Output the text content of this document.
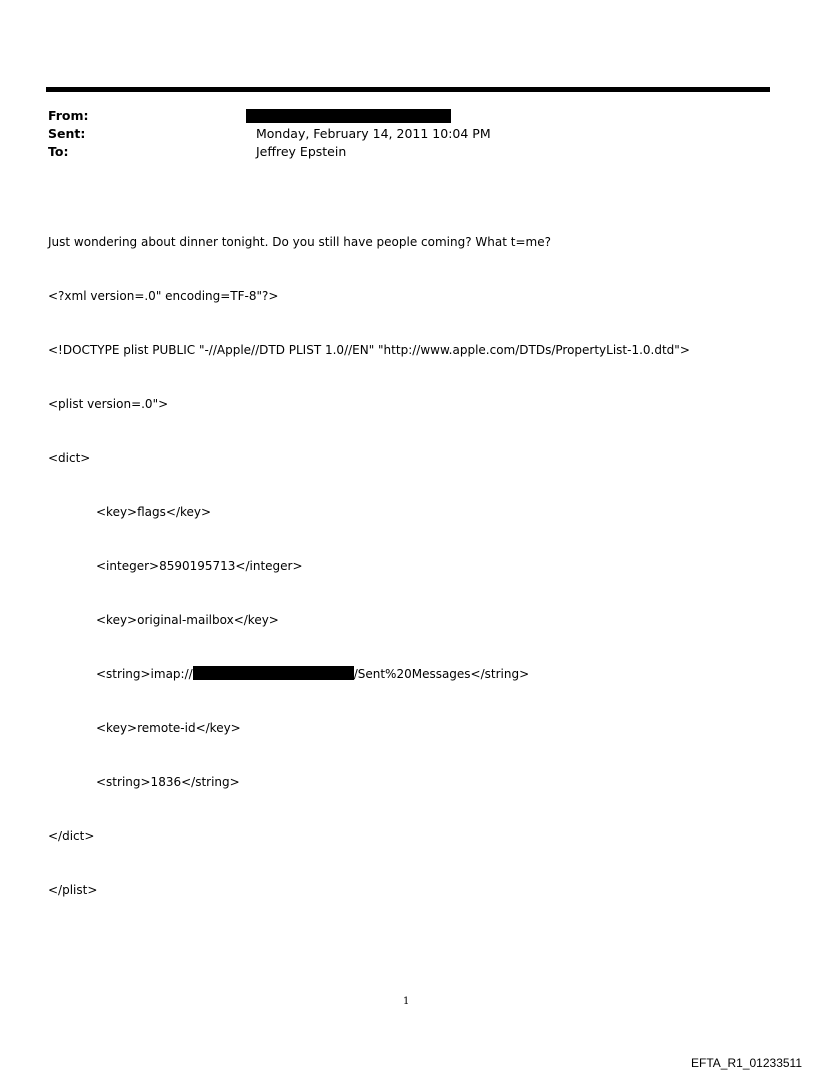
From:
Sent:	Monday, February 14, 2011 10:04 PM
To:	Jeffrey Epstein

Just wondering about dinner tonight. Do you still have people coming? What t=me?

<?xml version=.0" encoding=TF-8"?>

<!DOCTYPE plist PUBLIC "-//Apple//DTD PLIST 1.0//EN" "http://www.apple.com/DTDs/PropertyList-1.0.dtd">

<plist version=.0">

<dict>

<key>flags</key>

<integer>8590195713</integer>

<key>original-mailbox</key>

<string>imap://	/Sent%20Messages</string>

<key>remote-id</key>

<string>1836</string>

</dict>

</plist>

1
EFTA_R1_01233511
